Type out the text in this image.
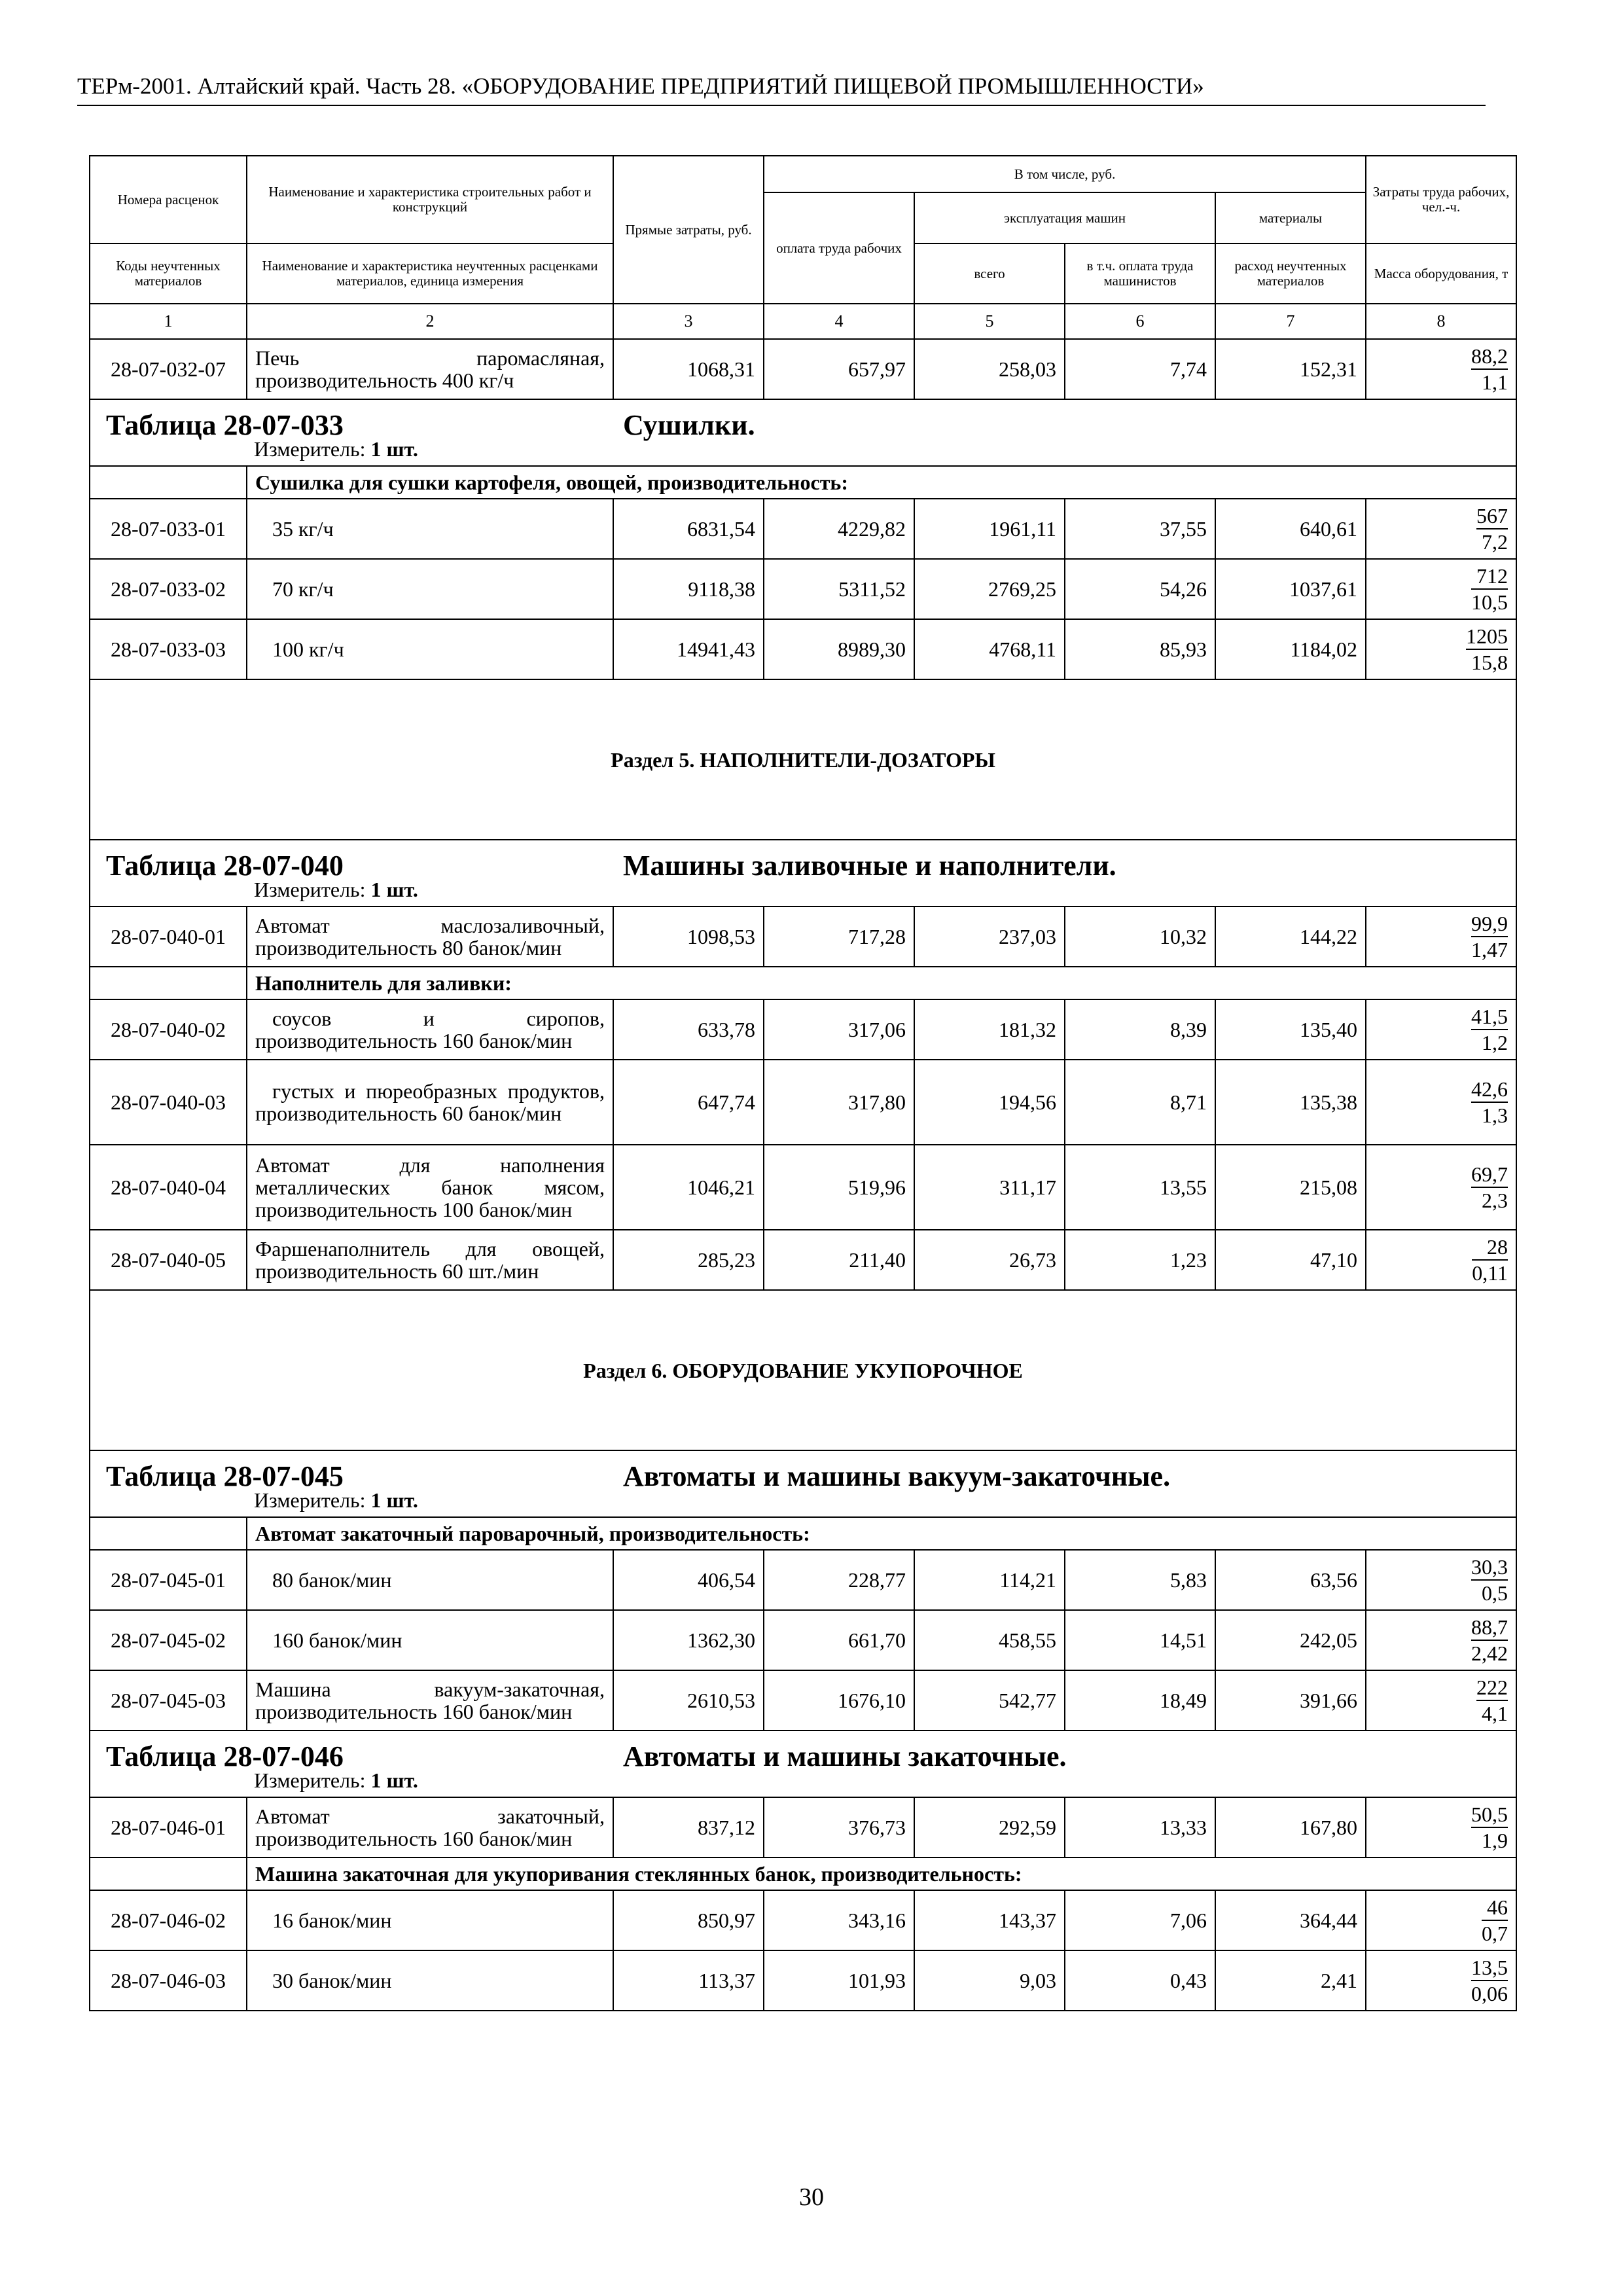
ТЕРм-2001. Алтайский край. Часть 28. «ОБОРУДОВАНИЕ ПРЕДПРИЯТИЙ ПИЩЕВОЙ ПРОМЫШЛЕННОСТИ»
Номера расценок	Наименование и характеристика строительных работ и конструкций	Прямые затраты, руб.	В том числе, руб.				Затраты труда рабочих, чел.-ч.
			оплата труда рабочих	эксплуатация машин		материалы	
Коды неучтенных материалов	Наименование и характеристика неучтенных расценками материалов, единица измерения			всего	в т.ч. оплата труда машинистов	расход неучтенных материалов	Масса оборудования, т
1	2	3	4	5	6	7	8
28-07-032-07	Печь паромасляная, производительность 400 кг/ч	1068,31	657,97	258,03	7,74	152,31	$\frac{88,2}{1,1}$

Таблица 28-07-033 Сушилки.
Измеритель: 1 шт.							

	Сушилка для сушки картофеля, овощей, производительность:						
28-07-033-01	35 кг/ч	6831,54	4229,82	1961,11	37,55	640,61	$\frac{567}{7,2}$

28-07-033-02	70 кг/ч	9118,38	5311,52	2769,25	54,26	1037,61	$\frac{712}{10,5}$

28-07-033-03	100 кг/ч	14941,43	8989,30	4768,11	85,93	1184,02	$\frac{1205}{15,8}$

Раздел 5. НАПОЛНИТЕЛИ-ДОЗАТОРЫ							

Таблица 28-07-040 Машины заливочные и наполнители.
Измеритель: 1 шт.							

28-07-040-01	Автомат маслозаливочный, производительность 80 банок/мин	1098,53	717,28	237,03	10,32	144,22	$\frac{99,9}{1,47}$

	Наполнитель для заливки:						
28-07-040-02	соусов и сиропов, производительность 160 банок/мин	633,78	317,06	181,32	8,39	135,40	$\frac{41,5}{1,2}$

28-07-040-03	густых и пюреобразных продуктов, производительность 60 банок/мин	647,74	317,80	194,56	8,71	135,38	$\frac{42,6}{1,3}$

28-07-040-04	Автомат для наполнения металлических банок мясом, производительность 100 банок/мин	1046,21	519,96	311,17	13,55	215,08	$\frac{69,7}{2,3}$

28-07-040-05	Фаршенаполнитель для овощей, производительность 60 шт./мин	285,23	211,40	26,73	1,23	47,10	$\frac{28}{0,11}$

Раздел 6. ОБОРУДОВАНИЕ УКУПОРОЧНОЕ							

Таблица 28-07-045 Автоматы и машины вакуум-закаточные.
Измеритель: 1 шт.							

	Автомат закаточный пароварочный, производительность:						
28-07-045-01	80 банок/мин	406,54	228,77	114,21	5,83	63,56	$\frac{30,3}{0,5}$

28-07-045-02	160 банок/мин	1362,30	661,70	458,55	14,51	242,05	$\frac{88,7}{2,42}$

28-07-045-03	Машина вакуум-закаточная, производительность 160 банок/мин	2610,53	1676,10	542,77	18,49	391,66	$\frac{222}{4,1}$

Таблица 28-07-046 Автоматы и машины закаточные.
Измеритель: 1 шт.							

28-07-046-01	Автомат закаточный, производительность 160 банок/мин	837,12	376,73	292,59	13,33	167,80	$\frac{50,5}{1,9}$

	Машина закаточная для укупоривания стеклянных банок, производительность:						
28-07-046-02	16 банок/мин	850,97	343,16	143,37	7,06	364,44	$\frac{46}{0,7}$

28-07-046-03	30 банок/мин	113,37	101,93	9,03	0,43	2,41	$\frac{13,5}{0,06}$
30
